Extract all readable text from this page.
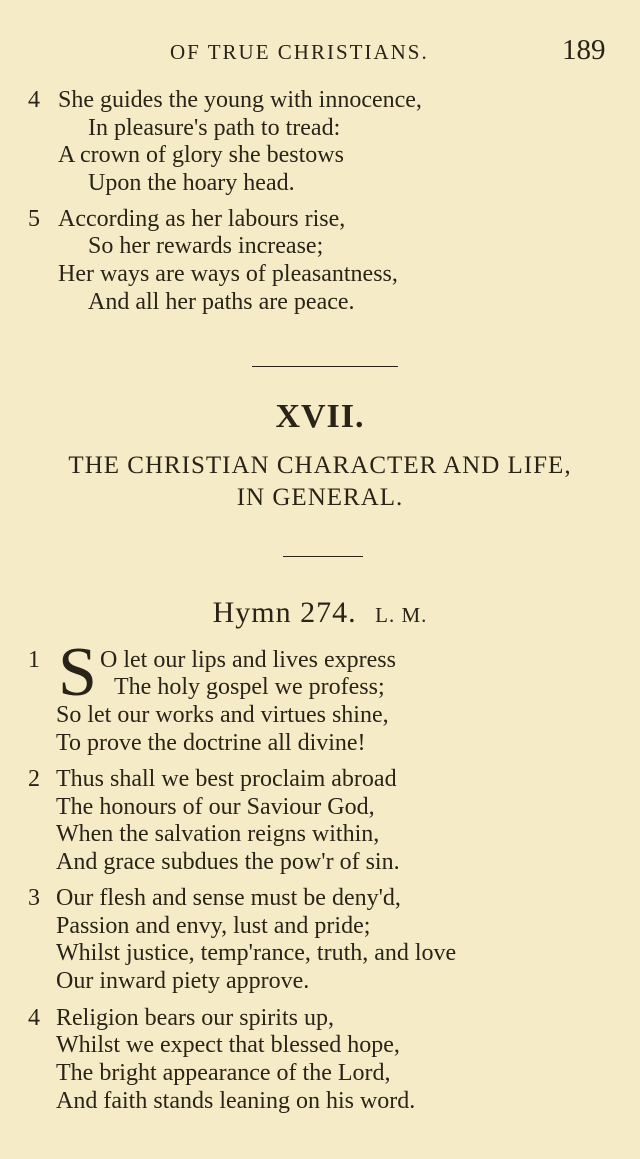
OF TRUE CHRISTIANS.	189
4 She guides the young with innocence,
In pleasure's path to tread:
A crown of glory she bestows
Upon the hoary head.
5 According as her labours rise,
So her rewards increase;
Her ways are ways of pleasantness,
And all her paths are peace.
XVII.
THE CHRISTIAN CHARACTER AND LIFE,
IN GENERAL.
Hymn 274. L. M.
1 S O let our lips and lives express
The holy gospel we profess;
So let our works and virtues shine,
To prove the doctrine all divine!
2 Thus shall we best proclaim abroad
The honours of our Saviour God,
When the salvation reigns within,
And grace subdues the pow'r of sin.
3 Our flesh and sense must be deny'd,
Passion and envy, lust and pride;
Whilst justice, temp'rance, truth, and love
Our inward piety approve.
4 Religion bears our spirits up,
Whilst we expect that blessed hope,
The bright appearance of the Lord,
And faith stands leaning on his word.
